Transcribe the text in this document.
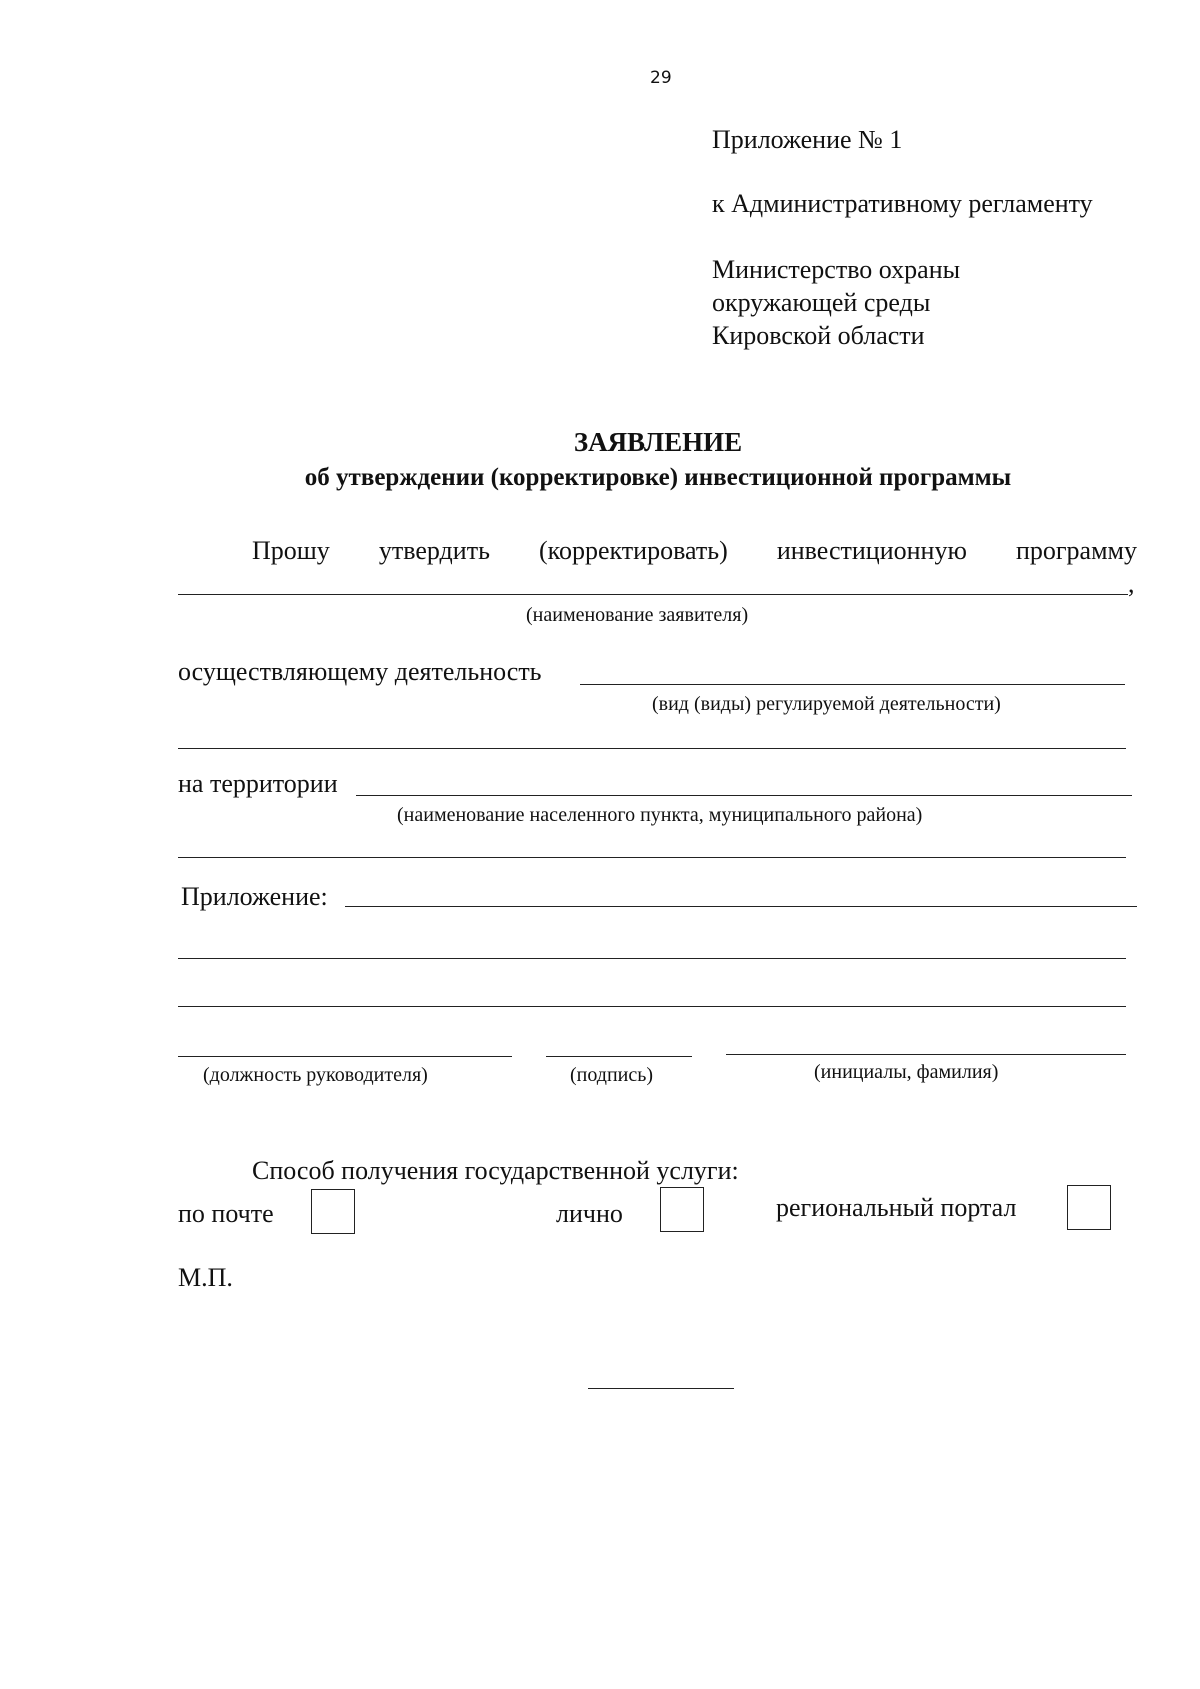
29
Приложение № 1
к Административному регламенту
Министерство охраны
окружающей среды
Кировской области
ЗАЯВЛЕНИЕ
об утверждении (корректировке) инвестиционной программы
Прошу утвердить (корректировать) инвестиционную программу
,
(наименование заявителя)
осуществляющему деятельность
(вид (виды) регулируемой деятельности)
на территории
(наименование населенного пункта, муниципального района)
Приложение:
(должность руководителя)	(подпись)	(инициалы, фамилия)
Способ получения государственной услуги:
по почте	лично	региональный портал
М.П.
